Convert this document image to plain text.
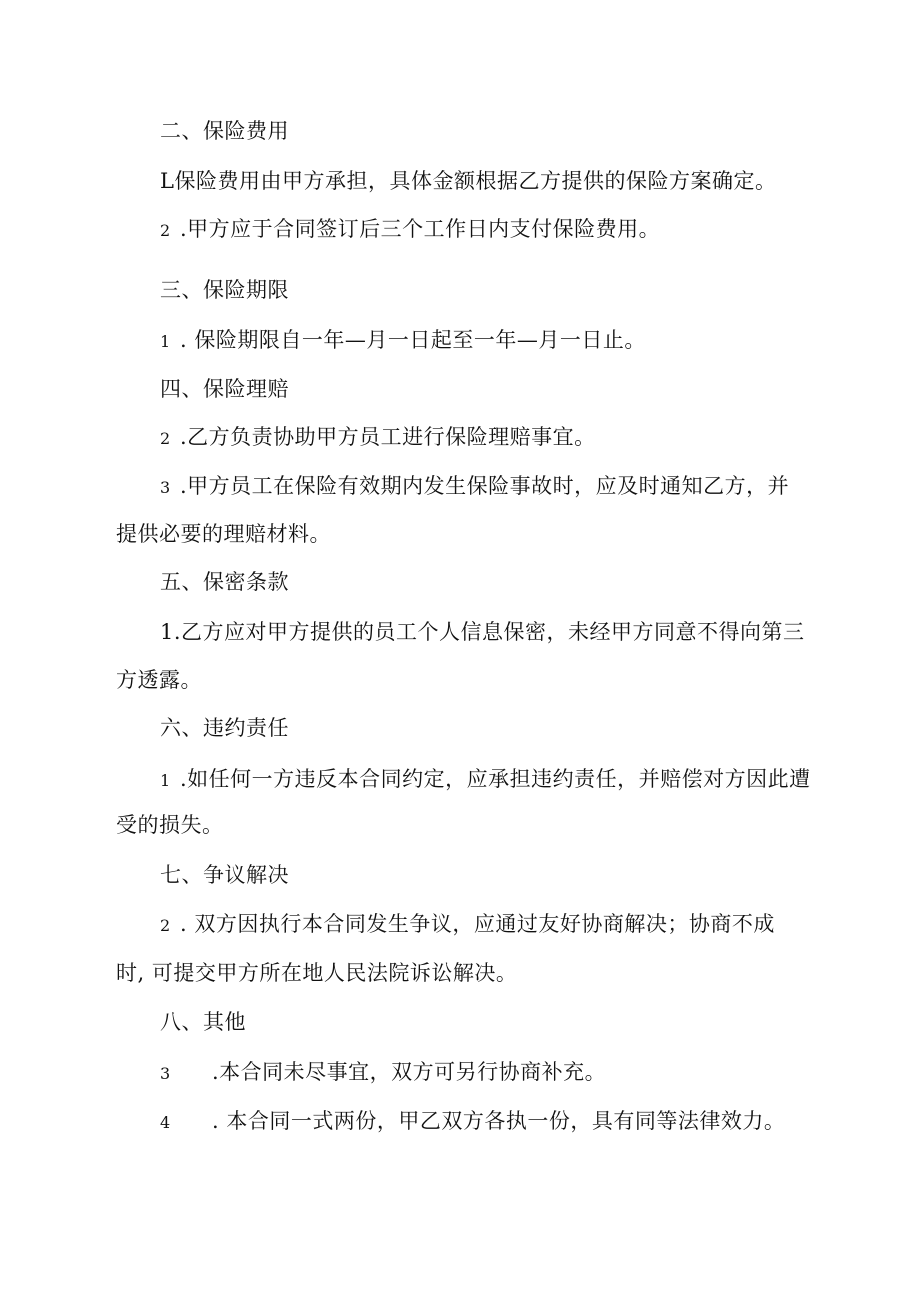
二、保险费用
L保险费用由甲方承担，具体金额根据乙方提供的保险方案确定。
2 .甲方应于合同签订后三个工作日内支付保险费用。
三、保险期限
1 . 保险期限自一年—月一日起至一年—月一日止。
四、保险理赔
2 .乙方负责协助甲方员工进行保险理赔事宜。
3 .甲方员工在保险有效期内发生保险事故时，应及时通知乙方，并
提供必要的理赔材料。
五、保密条款
1.乙方应对甲方提供的员工个人信息保密，未经甲方同意不得向第三
方透露。
六、违约责任
1 .如任何一方违反本合同约定，应承担违约责任，并赔偿对方因此遭
受的损失。
七、争议解决
2 . 双方因执行本合同发生争议，应通过友好协商解决；协商不成
时, 可提交甲方所在地人民法院诉讼解决。
八、其他
3 .本合同未尽事宜，双方可另行协商补充。
4 . 本合同一式两份，甲乙双方各执一份，具有同等法律效力。
